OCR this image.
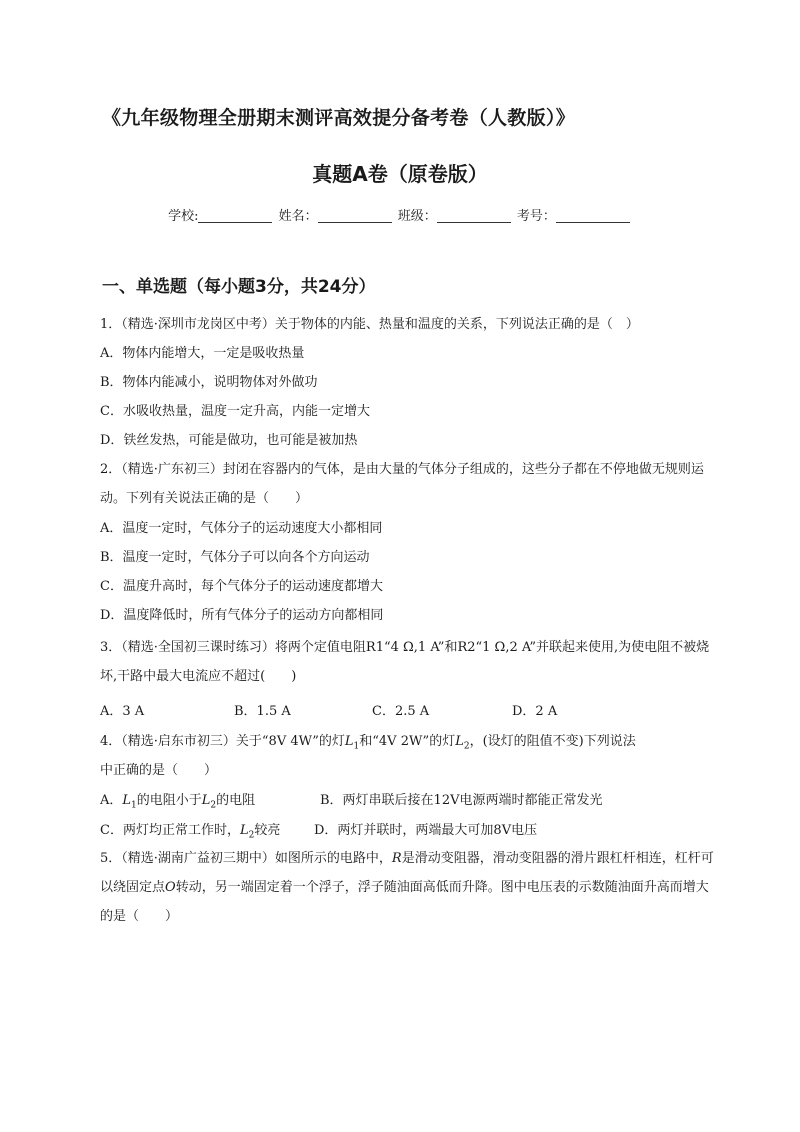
《九年级物理全册期末测评高效提分备考卷（人教版）》
真题A卷（原卷版）
学校:	姓名：	班级：	考号：
一、单选题（每小题3分，共24分）
1．（精选·深圳市龙岗区中考）关于物体的内能、热量和温度的关系，下列说法正确的是（　）
A．物体内能增大，一定是吸收热量
B．物体内能减小，说明物体对外做功
C．水吸收热量，温度一定升高，内能一定增大
D．铁丝发热，可能是做功，也可能是被加热
2．（精选·广东初三）封闭在容器内的气体，是由大量的气体分子组成的，这些分子都在不停地做无规则运动。下列有关说法正确的是（　　）
A．温度一定时，气体分子的运动速度大小都相同
B．温度一定时，气体分子可以向各个方向运动
C．温度升高时，每个气体分子的运动速度都增大
D．温度降低时，所有气体分子的运动方向都相同
3．（精选·全国初三课时练习）将两个定值电阻R1“4 Ω,1 A”和R2“1 Ω,2 A”并联起来使用,为使电阻不被烧坏,干路中最大电流应不超过(　　)
A．3 A	B．1.5 A	C．2.5 A	D．2 A
4．（精选·启东市初三）关于“8V 4W”的灯$L_1$和“4V 2W”的灯$L_2$，(设灯的阻值不变)下列说法
中正确的是（　　）
A．$L_1$的电阻小于$L_2$的电阻	B．两灯串联后接在12V电源两端时都能正常发光
C．两灯均正常工作时，$L_2$较亮	D．两灯并联时，两端最大可加8V电压
5．（精选·湖南广益初三期中）如图所示的电路中，R是滑动变阻器，滑动变阻器的滑片跟杠杆相连，杠杆可以绕固定点O转动，另一端固定着一个浮子，浮子随油面高低而升降。图中电压表的示数随油面升高而增大的是（　　）
